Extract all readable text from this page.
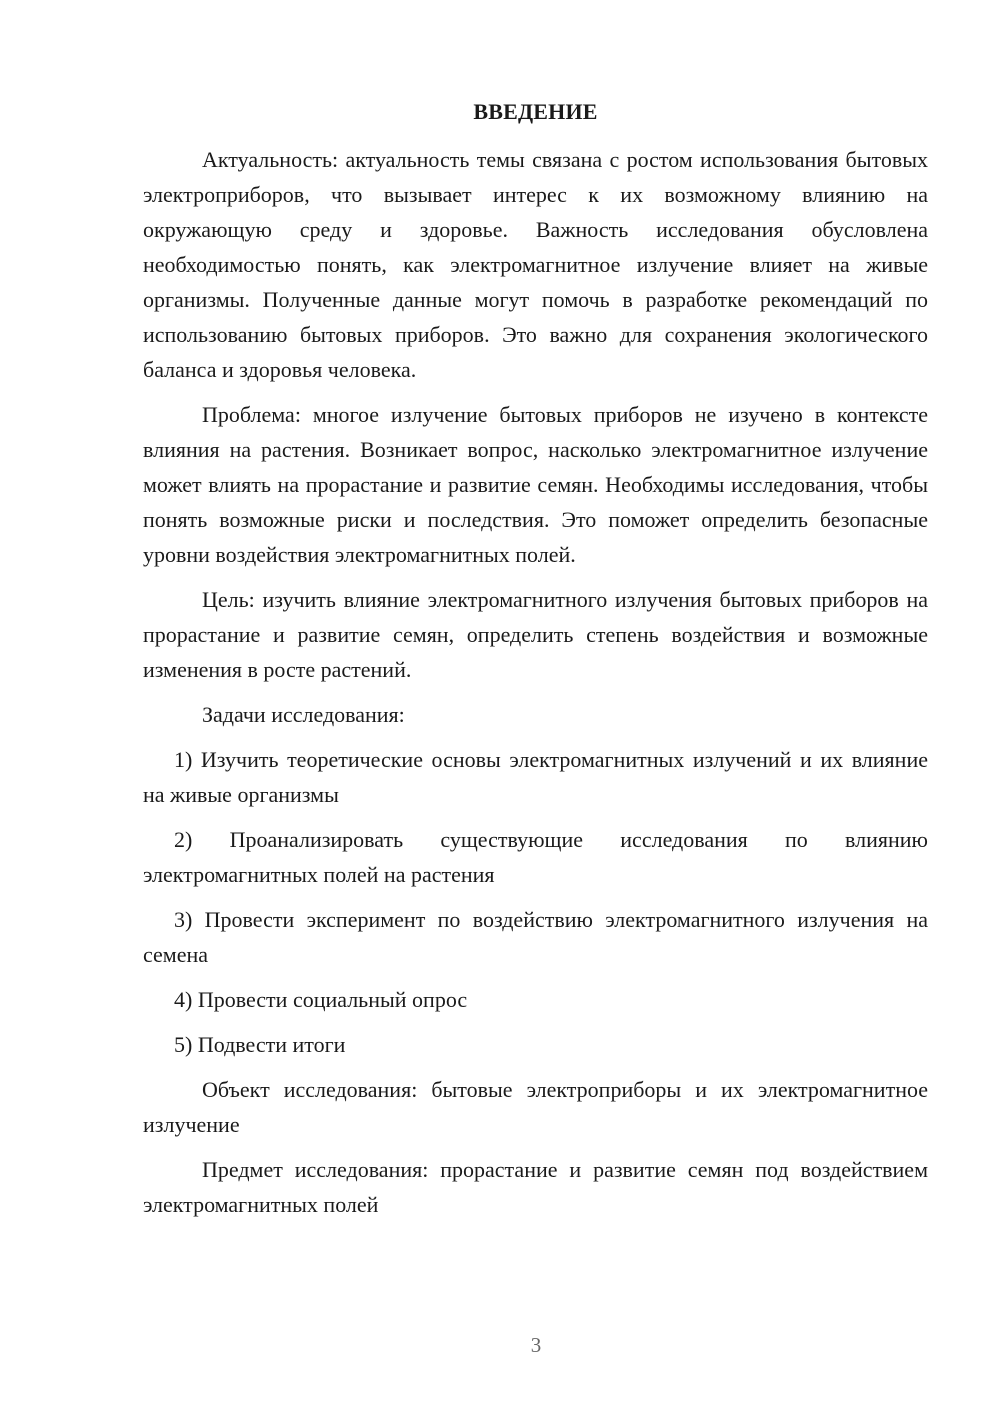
ВВЕДЕНИЕ

Актуальность: актуальность темы связана с ростом использования бытовых электроприборов, что вызывает интерес к их возможному влиянию на окружающую среду и здоровье. Важность исследования обусловлена необходимостью понять, как электромагнитное излучение влияет на живые организмы. Полученные данные могут помочь в разработке рекомендаций по использованию бытовых приборов. Это важно для сохранения экологического баланса и здоровья человека.

Проблема: многое излучение бытовых приборов не изучено в контексте влияния на растения. Возникает вопрос, насколько электромагнитное излучение может влиять на прорастание и развитие семян. Необходимы исследования, чтобы понять возможные риски и последствия. Это поможет определить безопасные уровни воздействия электромагнитных полей.

Цель: изучить влияние электромагнитного излучения бытовых приборов на прорастание и развитие семян, определить степень воздействия и возможные изменения в росте растений.

Задачи исследования:

1) Изучить теоретические основы электромагнитных излучений и их влияние на живые организмы

2) Проанализировать существующие исследования по влиянию электромагнитных полей на растения

3) Провести эксперимент по воздействию электромагнитного излучения на семена

4) Провести социальный опрос

5) Подвести итоги

Объект исследования: бытовые электроприборы и их электромагнитное излучение

Предмет исследования: прорастание и развитие семян под воздействием электромагнитных полей

3
